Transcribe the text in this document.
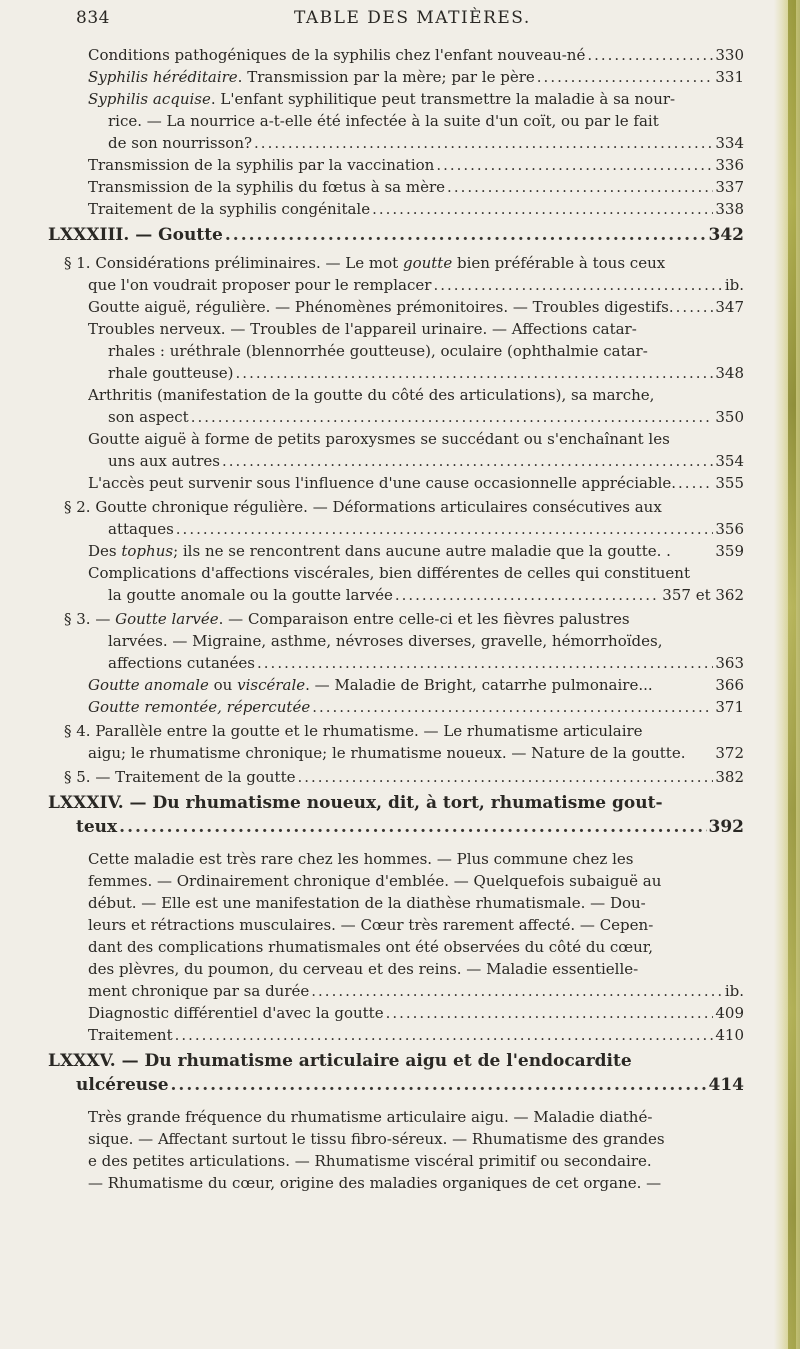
834	TABLE DES MATIÈRES.
Conditions pathogéniques de la syphilis chez l'enfant nouveau-né .....	330
Syphilis héréditaire. Transmission par la mère; par le père .....	331
Syphilis acquise. L'enfant syphilitique peut transmettre la maladie à sa nour-
rice. — La nourrice a-t-elle été infectée à la suite d'un coït, ou par le fait
de son nourrisson? .....	334
Transmission de la syphilis par la vaccination .....	336
Transmission de la syphilis du fœtus à sa mère .....	337
Traitement de la syphilis congénitale .....	338
LXXXIII. — Goutte .....	342
§ 1. Considérations préliminaires. — Le mot goutte bien préférable à tous ceux
que l'on voudrait proposer pour le remplacer .....	ib.
Goutte aiguë, régulière. — Phénomènes prémonitoires. — Troubles digestifs. .....	347
Troubles nerveux. — Troubles de l'appareil urinaire. — Affections catar-
rhales : uréthrale (blennorrhée goutteuse), oculaire (ophthalmie catar-
rhale goutteuse) .....	348
Arthritis (manifestation de la goutte du côté des articulations), sa marche,
son aspect .....	350
Goutte aiguë à forme de petits paroxysmes se succédant ou s'enchaînant les
uns aux autres .....	354
L'accès peut survenir sous l'influence d'une cause occasionnelle appréciable. .....	355
§ 2. Goutte chronique régulière. — Déformations articulaires consécutives aux
attaques .....	356
Des tophus; ils ne se rencontrent dans aucune autre maladie que la goutte. .	359
Complications d'affections viscérales, bien différentes de celles qui constituent
la goutte anomale ou la goutte larvée .....	357 et 362
§ 3. — Goutte larvée. — Comparaison entre celle-ci et les fièvres palustres
larvées. — Migraine, asthme, névroses diverses, gravelle, hémorrhoïdes,
affections cutanées .....	363
Goutte anomale ou viscérale. — Maladie de Bright, catarrhe pulmonaire...	366
Goutte remontée, répercutée .....	371
§ 4. Parallèle entre la goutte et le rhumatisme. — Le rhumatisme articulaire
aigu; le rhumatisme chronique; le rhumatisme noueux. — Nature de la goutte. 372
§ 5. — Traitement de la goutte .....	382
LXXXIV. — Du rhumatisme noueux, dit, à tort, rhumatisme gout-
teux .....	392
Cette maladie est très rare chez les hommes. — Plus commune chez les
femmes. — Ordinairement chronique d'emblée. — Quelquefois subaiguë au
début. — Elle est une manifestation de la diathèse rhumatismale. — Dou-
leurs et rétractions musculaires. — Cœur très rarement affecté. — Cepen-
dant des complications rhumatismales ont été observées du côté du cœur,
des plèvres, du poumon, du cerveau et des reins. — Maladie essentielle-
ment chronique par sa durée .....	ib.
Diagnostic différentiel d'avec la goutte .....	409
Traitement .....	410
LXXXV. — Du rhumatisme articulaire aigu et de l'endocardite
ulcéreuse .....	414
Très grande fréquence du rhumatisme articulaire aigu. — Maladie diathé-
sique. — Affectant surtout le tissu fibro-séreux. — Rhumatisme des grandes
e des petites articulations. — Rhumatisme viscéral primitif ou secondaire.
— Rhumatisme du cœur, origine des maladies organiques de cet organe. —
